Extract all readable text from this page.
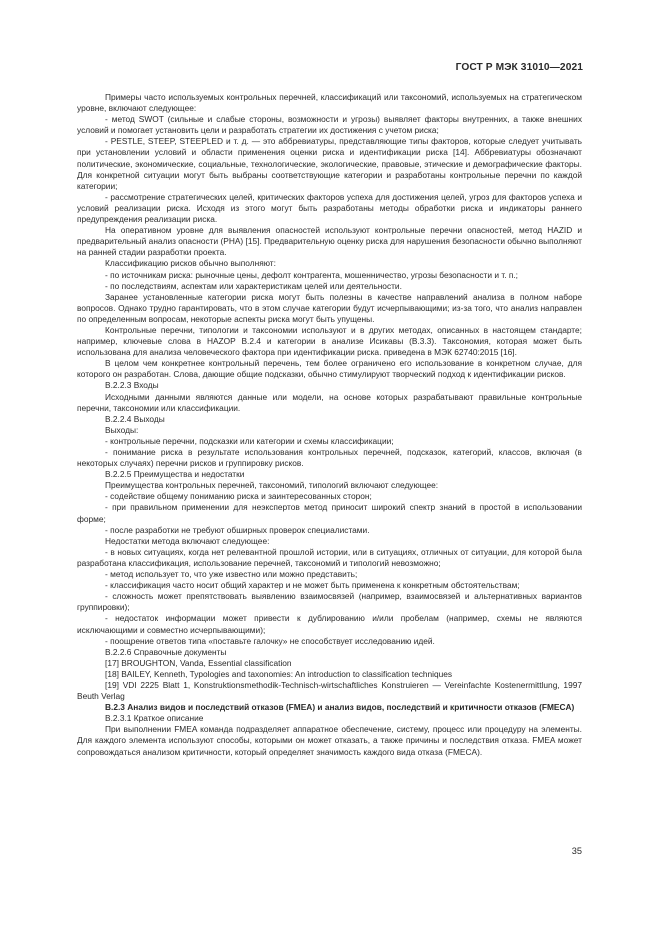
ГОСТ Р МЭК 31010—2021

Примеры часто используемых контрольных перечней, классификаций или таксономий, используемых на стратегическом уровне, включают следующее:

- метод SWOT (сильные и слабые стороны, возможности и угрозы) выявляет факторы внутренних, а также внешних условий и помогает установить цели и разработать стратегии их достижения с учетом риска;

- PESTLE, STEEP, STEEPLED и т. д. — это аббревиатуры, представляющие типы факторов, которые следует учитывать при установлении условий и области применения оценки риска и идентификации риска [14]. Аббревиатуры обозначают политические, экономические, социальные, технологические, экологические, правовые, этические и демографические факторы. Для конкретной ситуации могут быть выбраны соответствующие категории и разработаны контрольные перечни по каждой категории;

- рассмотрение стратегических целей, критических факторов успеха для достижения целей, угроз для факторов успеха и условий реализации риска. Исходя из этого могут быть разработаны методы обработки риска и индикаторы раннего предупреждения реализации риска.

На оперативном уровне для выявления опасностей используют контрольные перечни опасностей, метод HAZID и предварительный анализ опасности (PHA) [15]. Предварительную оценку риска для нарушения безопасности обычно выполняют на ранней стадии разработки проекта.

Классификацию рисков обычно выполняют:

- по источникам риска: рыночные цены, дефолт контрагента, мошенничество, угрозы безопасности и т. п.;

- по последствиям, аспектам или характеристикам целей или деятельности.

Заранее установленные категории риска могут быть полезны в качестве направлений анализа в полном наборе вопросов. Однако трудно гарантировать, что в этом случае категории будут исчерпывающими; из-за того, что анализ направлен по определенным вопросам, некоторые аспекты риска могут быть упущены.

Контрольные перечни, типологии и таксономии используют и в других методах, описанных в настоящем стандарте; например, ключевые слова в HAZOP B.2.4 и категории в анализе Исикавы (B.3.3). Таксономия, которая может быть использована для анализа человеческого фактора при идентификации риска. приведена в МЭК 62740:2015 [16].

В целом чем конкретнее контрольный перечень, тем более ограничено его использование в конкретном случае, для которого он разработан. Слова, дающие общие подсказки, обычно стимулируют творческий подход к идентификации рисков.

B.2.2.3 Входы

Исходными данными являются данные или модели, на основе которых разрабатывают правильные контрольные перечни, таксономии или классификации.

B.2.2.4 Выходы

Выходы:

- контрольные перечни, подсказки или категории и схемы классификации;

- понимание риска в результате использования контрольных перечней, подсказок, категорий, классов, включая (в некоторых случаях) перечни рисков и группировку рисков.

B.2.2.5 Преимущества и недостатки

Преимущества контрольных перечней, таксономий, типологий включают следующее:

- содействие общему пониманию риска и заинтересованных сторон;

- при правильном применении для неэкспертов метод приносит широкий спектр знаний в простой в использовании форме;

- после разработки не требуют обширных проверок специалистами.

Недостатки метода включают следующее:

- в новых ситуациях, когда нет релевантной прошлой истории, или в ситуациях, отличных от ситуации, для которой была разработана классификация, использование перечней, таксономий и типологий невозможно;

- метод использует то, что уже известно или можно представить;

- классификация часто носит общий характер и не может быть применена к конкретным обстоятельствам;

- сложность может препятствовать выявлению взаимосвязей (например, взаимосвязей и альтернативных вариантов группировки);

- недостаток информации может привести к дублированию и/или пробелам (например, схемы не являются исключающими и совместно исчерпывающими);

- поощрение ответов типа «поставьте галочку» не способствует исследованию идей.

B.2.2.6 Справочные документы

[17] BROUGHTON, Vanda, Essential classification

[18] BAILEY, Kenneth, Typologies and taxonomies: An introduction to classification techniques

[19] VDI 2225 Blatt 1, Konstruktionsmethodik-Technisch-wirtschaftliches Konstruieren — Vereinfachte Kostenermittlung, 1997 Beuth Verlag

B.2.3 Анализ видов и последствий отказов (FMEA) и анализ видов, последствий и критичности отказов (FMECA)

B.2.3.1 Краткое описание

При выполнении FMEA команда подразделяет аппаратное обеспечение, систему, процесс или процедуру на элементы. Для каждого элемента используют способы, которыми он может отказать, а также причины и последствия отказа. FMEA может сопровождаться анализом критичности, который определяет значимость каждого вида отказа (FMECA).

35
